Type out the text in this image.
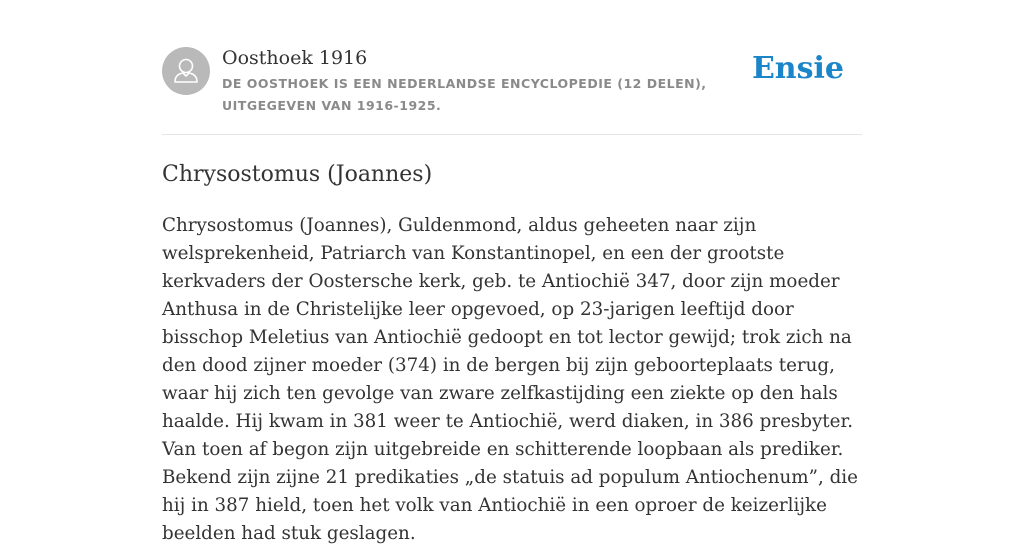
Oosthoek 1916
DE OOSTHOEK IS EEN NEDERLANDSE ENCYCLOPEDIE (12 DELEN), UITGEGEVEN VAN 1916-1925.
Ensie
Chrysostomus (Joannes)

Chrysostomus (Joannes), Guldenmond, aldus geheeten naar zijn welsprekenheid, Patriarch van Konstantinopel, en een der grootste kerkvaders der Oostersche kerk, geb. te Antiochië 347, door zijn moeder Anthusa in de Christelijke leer opgevoed, op 23-jarigen leeftijd door bisschop Meletius van Antiochië gedoopt en tot lector gewijd; trok zich na den dood zijner moeder (374) in de bergen bij zijn geboorteplaats terug, waar hij zich ten gevolge van zware zelfkastijding een ziekte op den hals haalde. Hij kwam in 381 weer te Antiochië, werd diaken, in 386 presbyter. Van toen af begon zijn uitgebreide en schitterende loopbaan als prediker. Bekend zijn zijne 21 predikaties „de statuis ad populum Antiochenum”, die hij in 387 hield, toen het volk van Antiochië in een oproer de keizerlijke beelden had stuk geslagen.
